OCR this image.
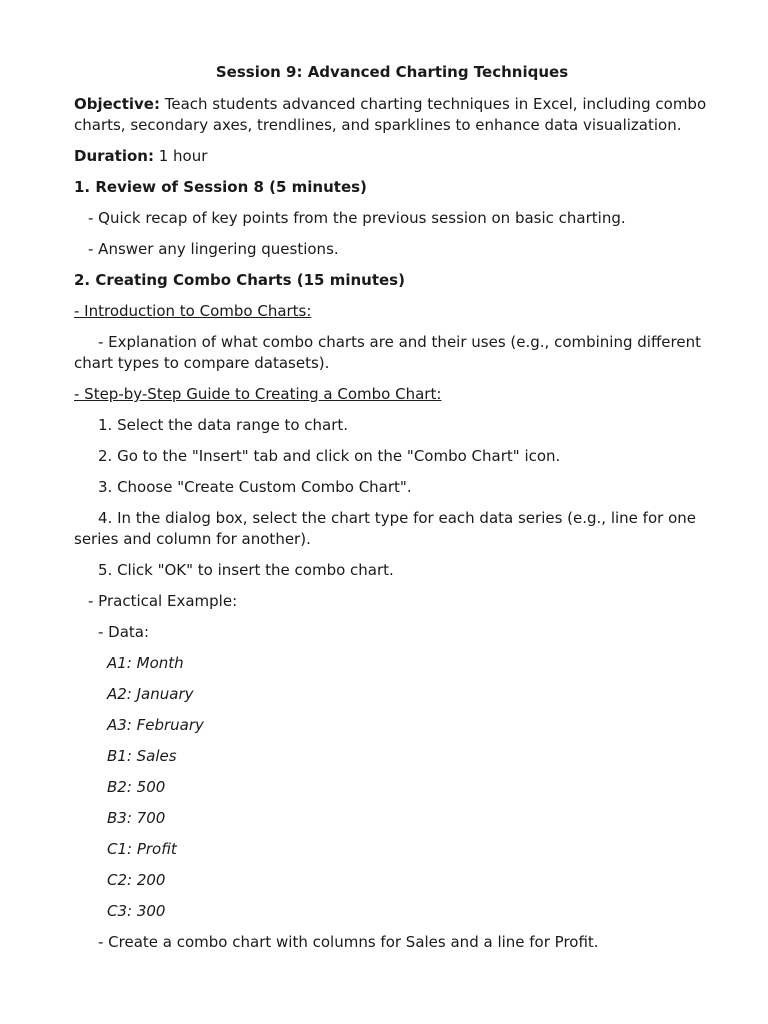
Session 9: Advanced Charting Techniques

Objective: Teach students advanced charting techniques in Excel, including combo charts, secondary axes, trendlines, and sparklines to enhance data visualization.

Duration: 1 hour

1. Review of Session 8 (5 minutes)

- Quick recap of key points from the previous session on basic charting.

- Answer any lingering questions.

2. Creating Combo Charts (15 minutes)

- Introduction to Combo Charts:

- Explanation of what combo charts are and their uses (e.g., combining different chart types to compare datasets).

- Step-by-Step Guide to Creating a Combo Chart:

1. Select the data range to chart.

2. Go to the "Insert" tab and click on the "Combo Chart" icon.

3. Choose "Create Custom Combo Chart".

4. In the dialog box, select the chart type for each data series (e.g., line for one series and column for another).

5. Click "OK" to insert the combo chart.

- Practical Example:

- Data:

A1: Month

A2: January

A3: February

B1: Sales

B2: 500

B3: 700

C1: Profit

C2: 200

C3: 300

- Create a combo chart with columns for Sales and a line for Profit.
